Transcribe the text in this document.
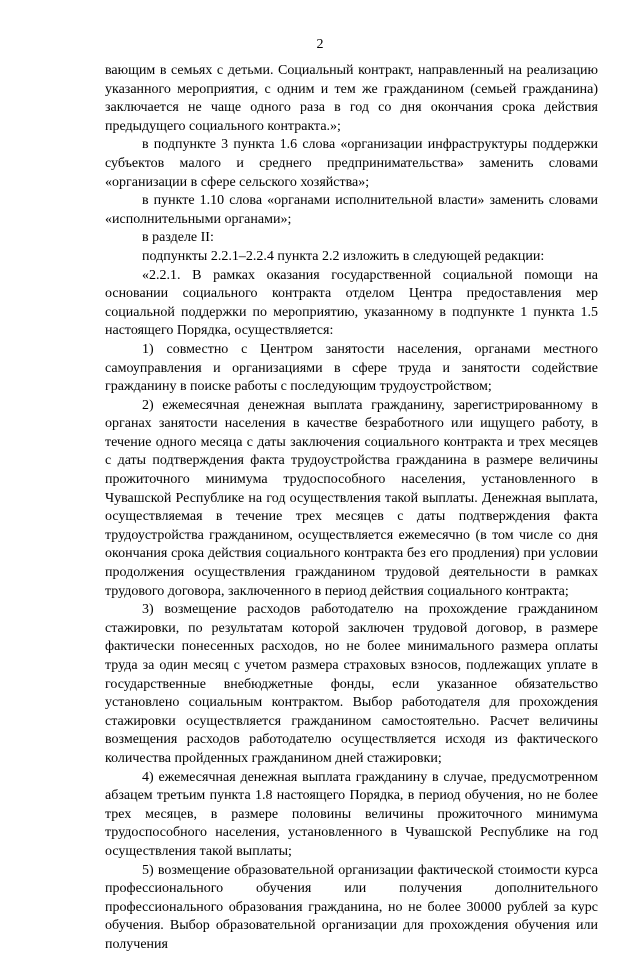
2

вающим в семьях с детьми. Социальный контракт, направленный на реализацию указанного мероприятия, с одним и тем же гражданином (семьей гражданина) заключается не чаще одного раза в год со дня окончания срока действия предыдущего социального контракта.»;

в подпункте 3 пункта 1.6 слова «организации инфраструктуры поддержки субъектов малого и среднего предпринимательства» заменить словами «организации в сфере сельского хозяйства»;

в пункте 1.10 слова «органами исполнительной власти» заменить словами «исполнительными органами»;

в разделе II:

подпункты 2.2.1–2.2.4 пункта 2.2 изложить в следующей редакции:

«2.2.1. В рамках оказания государственной социальной помощи на основании социального контракта отделом Центра предоставления мер социальной поддержки по мероприятию, указанному в подпункте 1 пункта 1.5 настоящего Порядка, осуществляется:

1) совместно с Центром занятости населения, органами местного самоуправления и организациями в сфере труда и занятости содействие гражданину в поиске работы с последующим трудоустройством;

2) ежемесячная денежная выплата гражданину, зарегистрированному в органах занятости населения в качестве безработного или ищущего работу, в течение одного месяца с даты заключения социального контракта и трех месяцев с даты подтверждения факта трудоустройства гражданина в размере величины прожиточного минимума трудоспособного населения, установленного в Чувашской Республике на год осуществления такой выплаты. Денежная выплата, осуществляемая в течение трех месяцев с даты подтверждения факта трудоустройства гражданином, осуществляется ежемесячно (в том числе со дня окончания срока действия социального контракта без его продления) при условии продолжения осуществления гражданином трудовой деятельности в рамках трудового договора, заключенного в период действия социального контракта;

3) возмещение расходов работодателю на прохождение гражданином стажировки, по результатам которой заключен трудовой договор, в размере фактически понесенных расходов, но не более минимального размера оплаты труда за один месяц с учетом размера страховых взносов, подлежащих уплате в государственные внебюджетные фонды, если указанное обязательство установлено социальным контрактом. Выбор работодателя для прохождения стажировки осуществляется гражданином самостоятельно. Расчет величины возмещения расходов работодателю осуществляется исходя из фактического количества пройденных гражданином дней стажировки;

4) ежемесячная денежная выплата гражданину в случае, предусмотренном абзацем третьим пункта 1.8 настоящего Порядка, в период обучения, но не более трех месяцев, в размере половины величины прожиточного минимума трудоспособного населения, установленного в Чувашской Республике на год осуществления такой выплаты;

5) возмещение образовательной организации фактической стоимости курса профессионального обучения или получения дополнительного профессионального образования гражданина, но не более 30000 рублей за курс обучения. Выбор образовательной организации для прохождения обучения или получения
